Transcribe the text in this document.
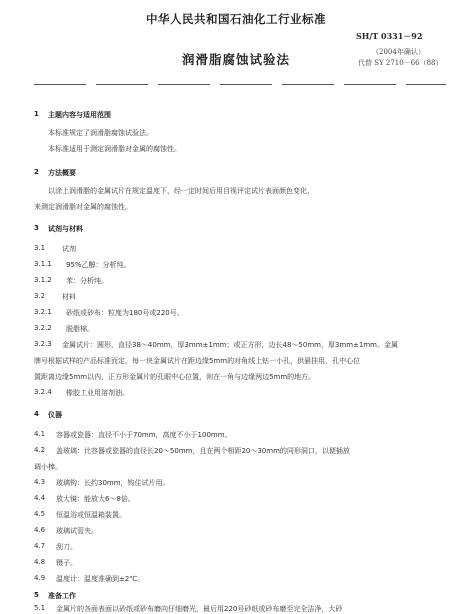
中华人民共和国石油化工行业标准
SH/T 0331－92
（2004年确认）
代替 SY 2710－66（88）
润滑脂腐蚀试验法
1 主题内容与适用范围
本标准规定了润滑脂腐蚀试验法。
本标准适用于测定润滑脂对金属的腐蚀性。
2 方法概要
以涂上润滑脂的金属试片在规定温度下，经一定时间后用目视评定试片表面颜色变化，
来测定润滑脂对金属的腐蚀性。
3 试剂与材料
3.1 试剂
3.1.1 95%乙醇：分析纯。
3.1.2 苯：分析纯。
3.2 材料
3.2.1 砂纸或砂布：粒度为180号或220号。
3.2.2 脱脂棉。
3.2.3 金属试片：圆形，直径38～40mm，厚3mm±1mm；或正方形，边长48～50mm，厚3mm±1mm。金属
牌号根据试样的产品标准而定，每一块金属试片在距边缘5mm的对角线上钻一小孔，供悬挂用，孔中心位
置距离边缘5mm以内，正方形金属片的孔眼中心位置，则在一角与边缘两边5mm的地方。
3.2.4 橡胶工业用溶剂油。
4 仪器
4.1 容器或瓷器：直径不小于70mm，高度不小于100mm。
4.2 盖玻璃：比容器或瓷器的直径长20～50mm，且在两个相距20～30mm的同形洞口，以便插放
调小棒。
4.3 玻璃钩：长约30mm，钩住试片用。
4.4 放大镜：能放大6～8倍。
4.5 恒温浴或恒温箱装置。
4.6 玻璃试管夹。
4.7 刮刀。
4.8 镊子。
4.9 温度计：温度准确到±2℃。
5 准备工作
5.1 金属片的各面表面以砂纸或砂布磨向仔细磨光，最后用220号砂纸或砂布磨至完全洁净，大砂
